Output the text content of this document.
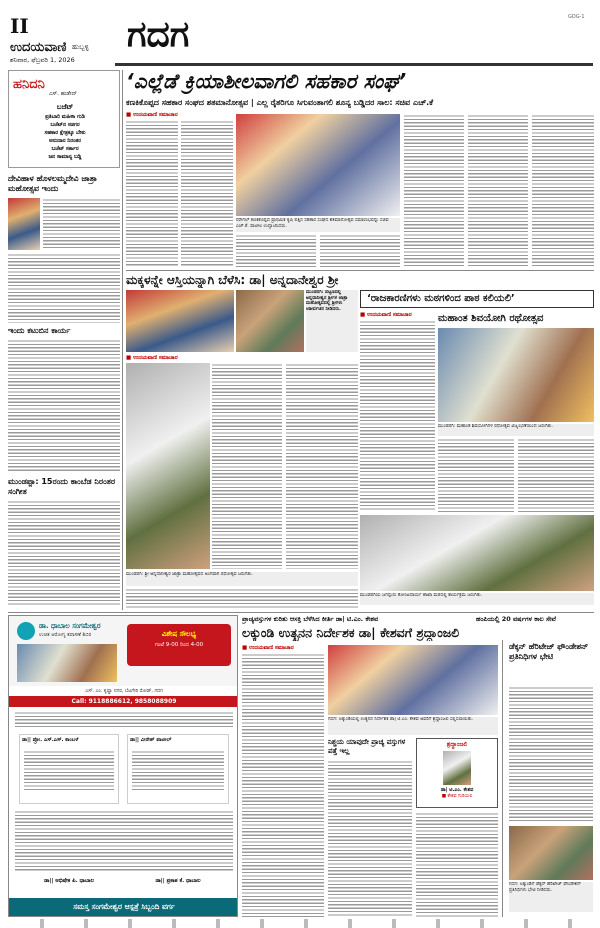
II
ಉದಯವಾಣಿ ಹುಬ್ಬಳ್ಳಿ
ಶನಿವಾರ, ಫೆಬ್ರವರಿ 1, 2026
ಗದಗ	GDG-1
ಹನಿದನಿ
ಎಸ್. ಹುಡೇದ್
ಬಜೆಟ್
ಪ್ರತಿಬಾರಿ ಮಹಿಳಾ ಗುಡಿ
ಬಜೆಟ್‌ನ ಸಡಗರ
ಸಹಕಾರ ಕ್ಷೇತ್ರಕ್ಕೂ ಬೇಕು
ಅನುದಾನ ನಿರಂತರ
ಬಜೆಟ್ ಸರ್ಕಾರ
ಜನ ಸಾಮಾನ್ಯ ಬಡ್ಡಿ
ದೇವಿಹಾಳ ಹೊಳಲಮ್ಮದೇವಿ ಜಾತ್ರಾ ಮಹೋತ್ಸವ ಇಂದು
ಇಂದು ಕಟುಬಿನ ಕಾರ್ಯ
ಮುಂಡಪ್ಪಾ: 15ರಂದು ಕಾಂಬೆಡ ನಿರಂತರ ಸಂಗೀತ
‘ಎಲ್ಲೆಡೆ ಕ್ರಿಯಾಶೀಲವಾಗಲಿ ಸಹಕಾರ ಸಂಘ’
ಕಣಕಿಕೊಪ್ಪದ ಸಹಕಾರ ಸಂಘದ ಶತಮಾನೋತ್ಸವ | ಎಲ್ಲ ರೈತರಿಗೂ ಸಿಗುವಂತಾಗಲಿ ಶೂನ್ಯ ಬಡ್ಡಿದರ ಸಾಲ: ಸಚಿವ ಎಚ್.ಕೆ
■ ಉದಯವಾಣಿ ಸಮಾಚಾರ
ನರೇಗಲ್ ಕಣಕಿಕೊಪ್ಪದ ಪ್ರಾಥಮಿಕ ಕೃಷಿ ಪತ್ತಿನ ಸಹಕಾರ ಸಂಘದ ಶತಮಾನೋತ್ಸವ ಸಮಾರಂಭವನ್ನು ಸಚಿವ ಎಚ್.ಕೆ. ಪಾಟೀಲ ಉದ್ಘಾಟಿಸಿದರು.
ಮಕ್ಕಳನ್ನೇ ಆಸ್ತಿಯನ್ನಾಗಿ ಬೆಳೆಸಿ: ಡಾ| ಅನ್ನದಾನೇಶ್ವರ ಶ್ರೀ
ಮುಂಡರಗಿ: ಪಟ್ಟಣದಲ್ಲಿ ಅನ್ನದಾನೀಶ್ವರ ಶ್ರೀಗಳ ಜಾತ್ರಾ ಮಹೋತ್ಸವದಲ್ಲಿ ಶ್ರೀಗಳು ಆಶೀರ್ವಚನ ನೀಡಿದರು.
■ ಉದಯವಾಣಿ ಸಮಾಚಾರ
ಮುಂಡರಗಿ: ಶ್ರೀ ಅನ್ನದಾನೀಶ್ವರ ಜಾತ್ರಾ ಮಹೋತ್ಸವದ ಅಂಗವಾಗಿ ರಥೋತ್ಸವ ಜರುಗಿತು.
‘ರಾಜಕಾರಣಿಗಳು ಮಠಗಳಿಂದ ಪಾಠ ಕಲಿಯಲಿ’
■ ಉದಯವಾಣಿ ಸಮಾಚಾರ	ಮಹಾಂತ ಶಿವಯೋಗಿ ರಥೋತ್ಸವ
ಮುಂಡರಗಿ: ಮಹಾಂತ ಶಿವಯೋಗಿಗಳ ರಥೋತ್ಸವ ವಿಜೃಂಭಣೆಯಿಂದ ಜರುಗಿತು.
ಮುಂಡರಗಿಯ ಜಗದ್ಗುರು ತೋಂಟದಾರ್ಯ ಶಾಖಾ ಮಠದಲ್ಲಿ ಕಾರ್ಯಕ್ರಮ ಜರುಗಿತು.
ಡಾ. ಧಾಬಾಲ ಸಂಗಮೇಶ್ವರ
ಉಚಿತ ಆರೋಗ್ಯ ತಪಾಸಣೆ ಶಿಬಿರ	ವಿಶೇಷ ಸೌಲಭ್ಯ
ಗಂಟೆ 9-00 ರಿಂದ 4-00
ಎಸ್. ಎಂ. ಕೃಷ್ಣಾ ನಗರ, ಬೆಟಗೇರಿ ರೋಡ್, ಗದಗ
Call: 9118886612, 9858088909
ಡಾ|| ಪ್ರೋ. ಎಸ್.ಎಸ್. ಕಾಂಬಳೆ	ಡಾ|| ವೀರೇಶ್ ಪಾಟೀಲ್
ಡಾ|| ಅಭಿಷೇಕ ಪಿ. ಧಾಬಾಲ	ಡಾ|| ಪ್ರಕಾಶ ಕೆ. ಧಾಬಾಲ
ಸಮಸ್ತ ಸಂಗಮೇಶ್ವರ ಆಸ್ಪತ್ರೆ ಸಿಬ್ಬಂದಿ ವರ್ಗ
ಪ್ರಾಚ್ಯವಸ್ತುಗಳ ಕುರಿತು ಆಸಕ್ತಿ ಬೆಳೆಸಿದ ಕೀರ್ತಿ ಡಾ| ಟಿ.ಎಂ. ಕೇಶವ	ಹಂಪಿಯಲ್ಲಿ 20 ವರ್ಷಗಳ ಕಾಲ ಸೇವೆ
ಲಕ್ಕುಂಡಿ ಉತ್ಖನನ ನಿರ್ದೇಶಕ ಡಾ| ಕೇಶವಗೆ ಶ್ರದ್ಧಾಂಜಲಿ
■ ಉದಯವಾಣಿ ಸಮಾಚಾರ
ಗದಗ: ಲಕ್ಕುಂಡಿಯಲ್ಲಿ ಉತ್ಖನನ ನಿರ್ದೇಶಕ ಡಾ| ಟಿ.ಎಂ. ಕೇಶವ ಅವರಿಗೆ ಶ್ರದ್ಧಾಂಜಲಿ ಸಲ್ಲಿಸಲಾಯಿತು.
ನಿಶ್ಚಯ ಯಾವುದೇ ಪ್ರಾಚ್ಯ ವಸ್ತುಗಳ ಪತ್ತೆ ಇಲ್ಲ
ಶ್ರದ್ಧಾಂಜಲಿ
ಡಾ| ಟಿ.ಎಂ. ಕೇಶವ
■ ಕೇಶವ ಗುರಿಯಲಿ
ಡೆಕ್ಕನ್ ಹೆರಿಟೇಜ್ ಫೌಂಡೇಶನ್ ಪ್ರತಿನಿಧಿಗಳ ಭೇಟಿ
ಗದಗ: ಲಕ್ಕುಂಡಿಗೆ ಡೆಕ್ಕನ್ ಹೆರಿಟೇಜ್ ಫೌಂಡೇಶನ್ ಪ್ರತಿನಿಧಿಗಳು ಭೇಟಿ ನೀಡಿದರು.
